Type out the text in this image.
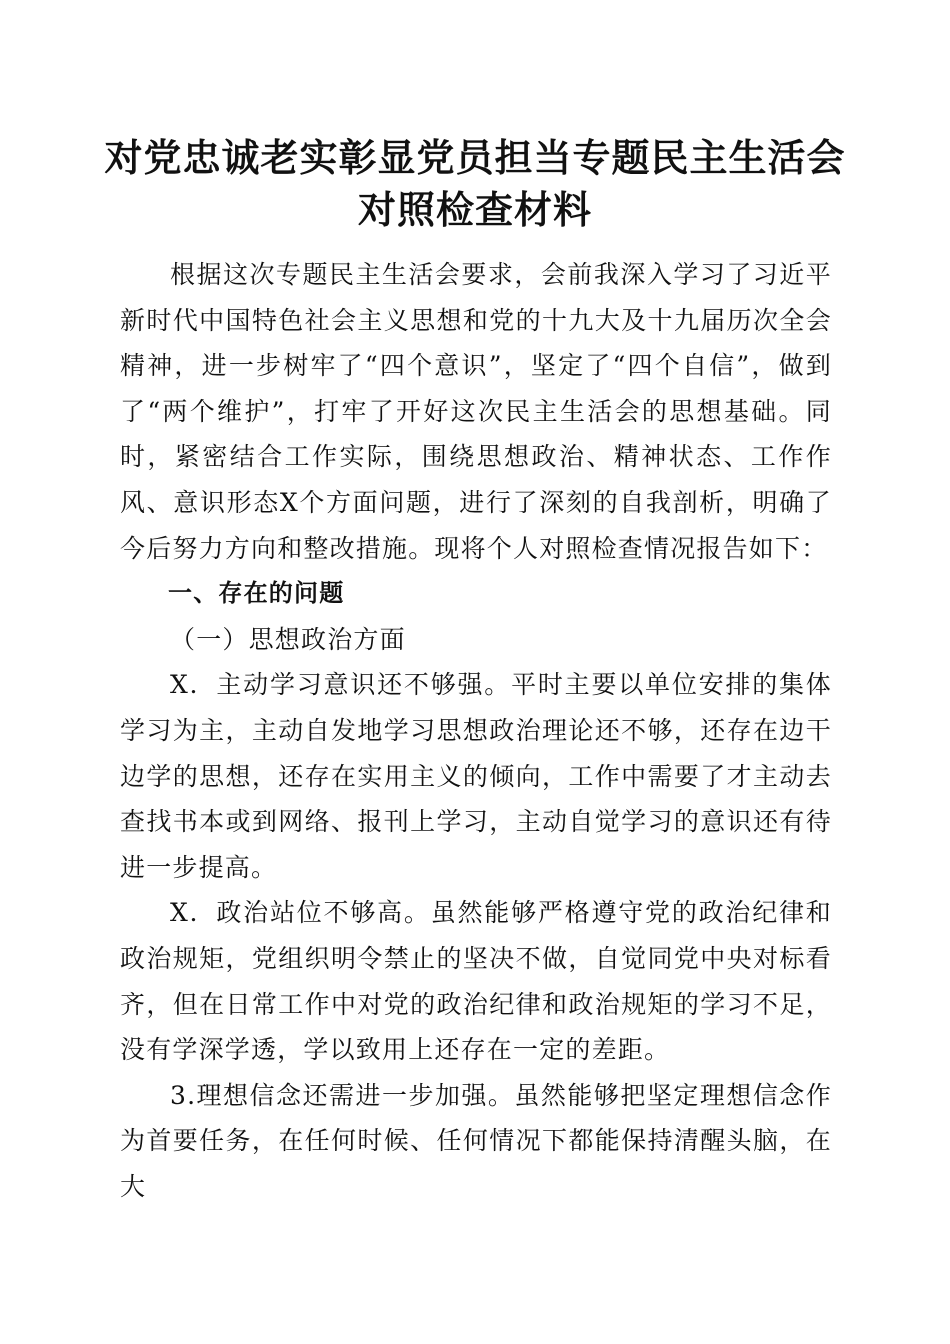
对党忠诚老实彰显党员担当专题民主生活会对照检查材料

根据这次专题民主生活会要求，会前我深入学习了习近平新时代中国特色社会主义思想和党的十九大及十九届历次全会精神，进一步树牢了“四个意识”，坚定了“四个自信”，做到了“两个维护”，打牢了开好这次民主生活会的思想基础。同时，紧密结合工作实际，围绕思想政治、精神状态、工作作风、意识形态X个方面问题，进行了深刻的自我剖析，明确了今后努力方向和整改措施。现将个人对照检查情况报告如下：

一、存在的问题

（一）思想政治方面

X．主动学习意识还不够强。平时主要以单位安排的集体学习为主，主动自发地学习思想政治理论还不够，还存在边干边学的思想，还存在实用主义的倾向，工作中需要了才主动去查找书本或到网络、报刊上学习，主动自觉学习的意识还有待进一步提高。

X．政治站位不够高。虽然能够严格遵守党的政治纪律和政治规矩，党组织明令禁止的坚决不做，自觉同党中央对标看齐，但在日常工作中对党的政治纪律和政治规矩的学习不足，没有学深学透，学以致用上还存在一定的差距。

3.理想信念还需进一步加强。虽然能够把坚定理想信念作为首要任务，在任何时候、任何情况下都能保持清醒头脑，在大
